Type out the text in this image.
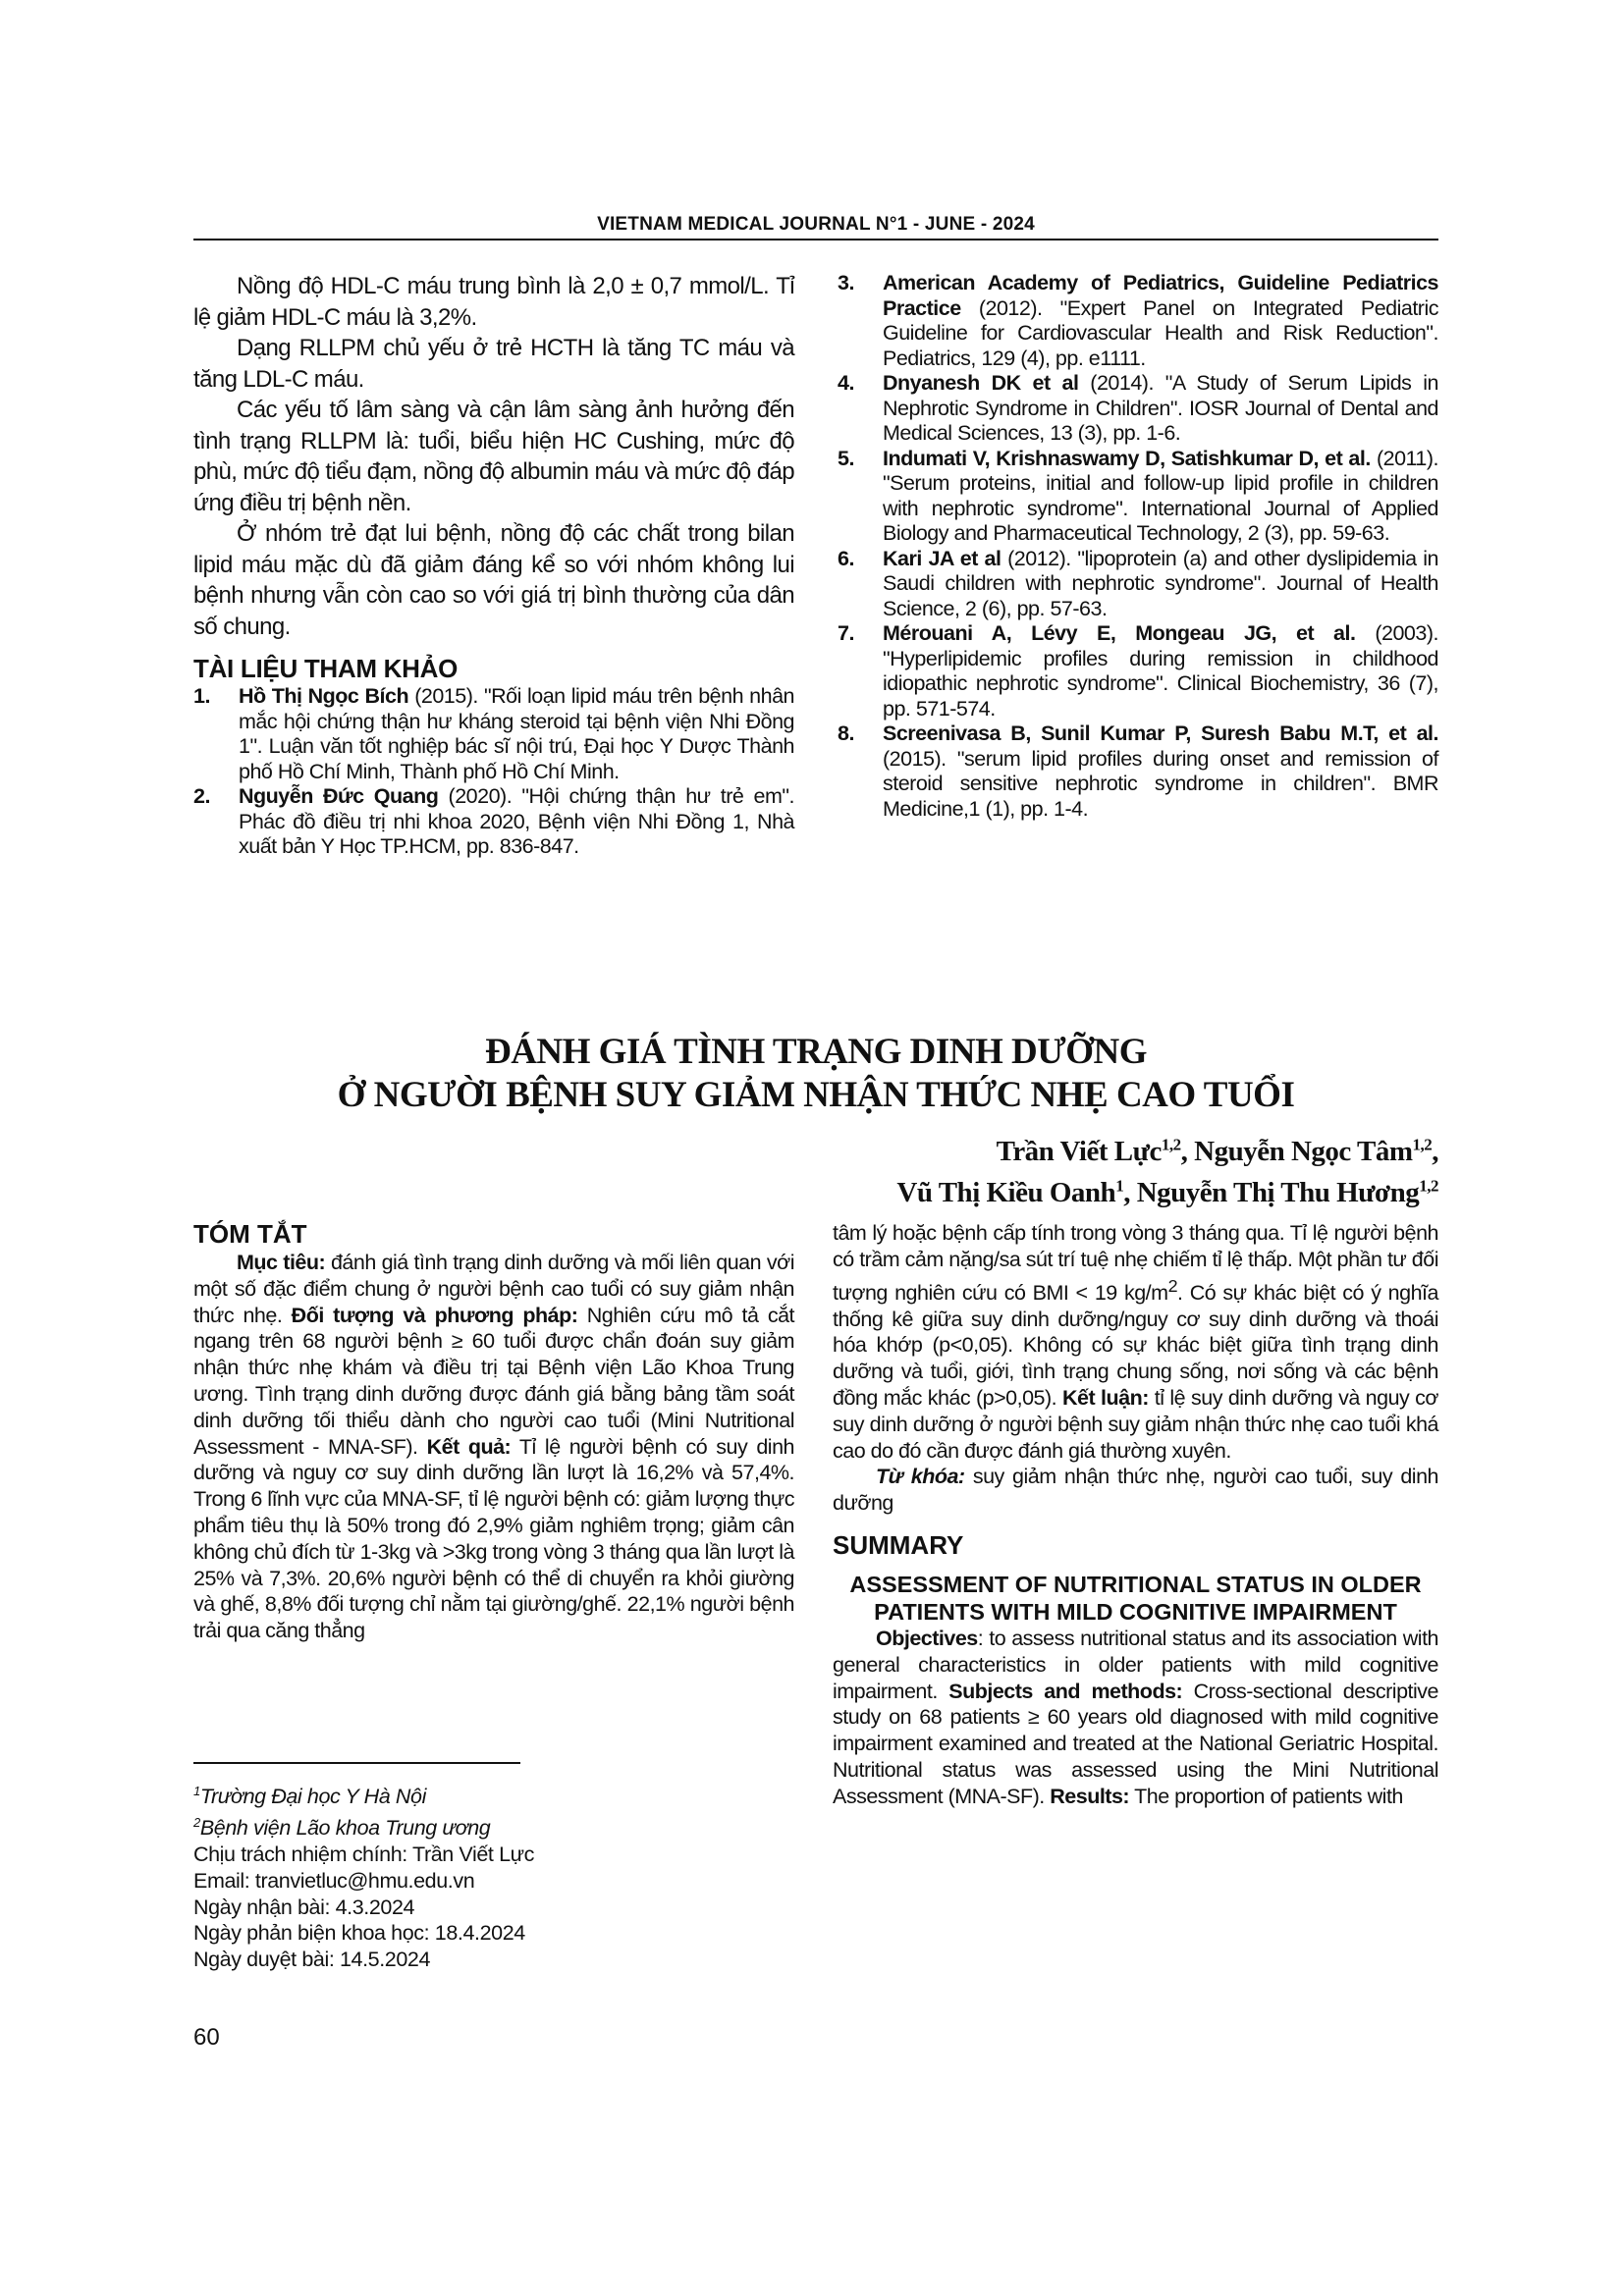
VIETNAM MEDICAL JOURNAL N°1 - JUNE - 2024

Nồng độ HDL-C máu trung bình là 2,0 ± 0,7 mmol/L. Tỉ lệ giảm HDL-C máu là 3,2%.

Dạng RLLPM chủ yếu ở trẻ HCTH là tăng TC máu và tăng LDL-C máu.

Các yếu tố lâm sàng và cận lâm sàng ảnh hưởng đến tình trạng RLLPM là: tuổi, biểu hiện HC Cushing, mức độ phù, mức độ tiểu đạm, nồng độ albumin máu và mức độ đáp ứng điều trị bệnh nền.

Ở nhóm trẻ đạt lui bệnh, nồng độ các chất trong bilan lipid máu mặc dù đã giảm đáng kể so với nhóm không lui bệnh nhưng vẫn còn cao so với giá trị bình thường của dân số chung.

TÀI LIỆU THAM KHẢO
1.	Hồ Thị Ngọc Bích (2015). "Rối loạn lipid máu trên bệnh nhân mắc hội chứng thận hư kháng steroid tại bệnh viện Nhi Đồng 1". Luận văn tốt nghiệp bác sĩ nội trú, Đại học Y Dược Thành phố Hồ Chí Minh, Thành phố Hồ Chí Minh.
2.	Nguyễn Đức Quang (2020). "Hội chứng thận hư trẻ em". Phác đồ điều trị nhi khoa 2020, Bệnh viện Nhi Đồng 1, Nhà xuất bản Y Học TP.HCM, pp. 836-847.
3.	American Academy of Pediatrics, Guideline Pediatrics Practice (2012). "Expert Panel on Integrated Pediatric Guideline for Cardiovascular Health and Risk Reduction". Pediatrics, 129 (4), pp. e1111.
4.	Dnyanesh DK et al (2014). "A Study of Serum Lipids in Nephrotic Syndrome in Children". IOSR Journal of Dental and Medical Sciences, 13 (3), pp. 1-6.
5.	Indumati V, Krishnaswamy D, Satishkumar D, et al. (2011). "Serum proteins, initial and follow-up lipid profile in children with nephrotic syndrome". International Journal of Applied Biology and Pharmaceutical Technology, 2 (3), pp. 59-63.
6.	Kari JA et al (2012). "lipoprotein (a) and other dyslipidemia in Saudi children with nephrotic syndrome". Journal of Health Science, 2 (6), pp. 57-63.
7.	Mérouani A, Lévy E, Mongeau JG, et al. (2003). "Hyperlipidemic profiles during remission in childhood idiopathic nephrotic syndrome". Clinical Biochemistry, 36 (7), pp. 571-574.
8.	Screenivasa B, Sunil Kumar P, Suresh Babu M.T, et al. (2015). "serum lipid profiles during onset and remission of steroid sensitive nephrotic syndrome in children". BMR Medicine,1 (1), pp. 1-4.
ĐÁNH GIÁ TÌNH TRẠNG DINH DƯỠNG
Ở NGƯỜI BỆNH SUY GIẢM NHẬN THỨC NHẸ CAO TUỔI
Trần Viết Lực$^{1,2}$, Nguyễn Ngọc Tâm$^{1,2}$,
Vũ Thị Kiều Oanh$^1$, Nguyễn Thị Thu Hương$^{1,2}$
TÓM TẮT

Mục tiêu: đánh giá tình trạng dinh dưỡng và mối liên quan với một số đặc điểm chung ở người bệnh cao tuổi có suy giảm nhận thức nhẹ. Đối tượng và phương pháp: Nghiên cứu mô tả cắt ngang trên 68 người bệnh ≥ 60 tuổi được chẩn đoán suy giảm nhận thức nhẹ khám và điều trị tại Bệnh viện Lão Khoa Trung ương. Tình trạng dinh dưỡng được đánh giá bằng bảng tầm soát dinh dưỡng tối thiểu dành cho người cao tuổi (Mini Nutritional Assessment - MNA-SF). Kết quả: Tỉ lệ người bệnh có suy dinh dưỡng và nguy cơ suy dinh dưỡng lần lượt là 16,2% và 57,4%. Trong 6 lĩnh vực của MNA-SF, tỉ lệ người bệnh có: giảm lượng thực phẩm tiêu thụ là 50% trong đó 2,9% giảm nghiêm trọng; giảm cân không chủ đích từ 1-3kg và >3kg trong vòng 3 tháng qua lần lượt là 25% và 7,3%. 20,6% người bệnh có thể di chuyển ra khỏi giường và ghế, 8,8% đối tượng chỉ nằm tại giường/ghế. 22,1% người bệnh trải qua căng thẳng

tâm lý hoặc bệnh cấp tính trong vòng 3 tháng qua. Tỉ lệ người bệnh có trầm cảm nặng/sa sút trí tuệ nhẹ chiếm tỉ lệ thấp. Một phần tư đối tượng nghiên cứu có BMI < 19 $kg/m^2$. Có sự khác biệt có ý nghĩa thống kê giữa suy dinh dưỡng/nguy cơ suy dinh dưỡng và thoái hóa khớp (p<0,05). Không có sự khác biệt giữa tình trạng dinh dưỡng và tuổi, giới, tình trạng chung sống, nơi sống và các bệnh đồng mắc khác (p>0,05). Kết luận: tỉ lệ suy dinh dưỡng và nguy cơ suy dinh dưỡng ở người bệnh suy giảm nhận thức nhẹ cao tuổi khá cao do đó cần được đánh giá thường xuyên.

Từ khóa: suy giảm nhận thức nhẹ, người cao tuổi, suy dinh dưỡng

SUMMARY

ASSESSMENT OF NUTRITIONAL STATUS IN OLDER PATIENTS WITH MILD COGNITIVE IMPAIRMENT

Objectives: to assess nutritional status and its association with general characteristics in older patients with mild cognitive impairment. Subjects and methods: Cross-sectional descriptive study on 68 patients ≥ 60 years old diagnosed with mild cognitive impairment examined and treated at the National Geriatric Hospital. Nutritional status was assessed using the Mini Nutritional Assessment (MNA-SF). Results: The proportion of patients with

$^1$Trường Đại học Y Hà Nội

$^2$Bệnh viện Lão khoa Trung ương

Chịu trách nhiệm chính: Trần Viết Lực

Email: tranvietluc@hmu.edu.vn

Ngày nhận bài: 4.3.2024

Ngày phản biện khoa học: 18.4.2024

Ngày duyệt bài: 14.5.2024

60
